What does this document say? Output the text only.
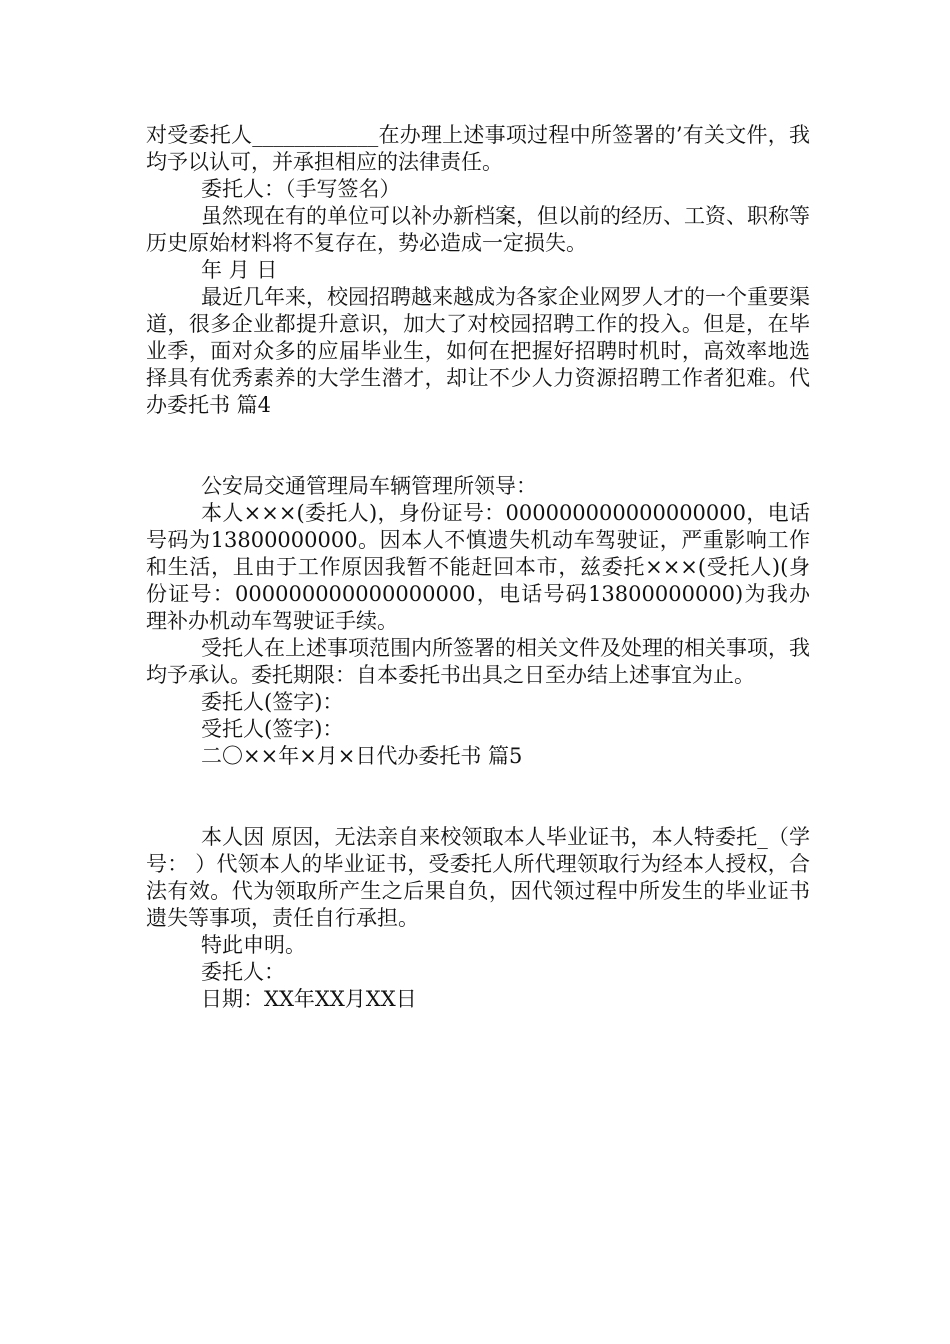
对受委托人____________在办理上述事项过程中所签署的’有关文件，我均予以认可，并承担相应的法律责任。

委托人：（手写签名）

虽然现在有的单位可以补办新档案，但以前的经历、工资、职称等历史原始材料将不复存在，势必造成一定损失。

年 月 日

最近几年来，校园招聘越来越成为各家企业网罗人才的一个重要渠道，很多企业都提升意识，加大了对校园招聘工作的投入。但是，在毕业季，面对众多的应届毕业生，如何在把握好招聘时机时，高效率地选择具有优秀素养的大学生潜才，却让不少人力资源招聘工作者犯难。代办委托书 篇4

公安局交通管理局车辆管理所领导：

本人×××(委托人)，身份证号：000000000000000000，电话号码为13800000000。因本人不慎遗失机动车驾驶证，严重影响工作和生活，且由于工作原因我暂不能赶回本市，兹委托×××(受托人)(身份证号：000000000000000000，电话号码13800000000)为我办理补办机动车驾驶证手续。

受托人在上述事项范围内所签署的相关文件及处理的相关事项，我均予承认。委托期限：自本委托书出具之日至办结上述事宜为止。

委托人(签字)：

受托人(签字)：

二〇××年×月×日代办委托书 篇5

本人因 原因，无法亲自来校领取本人毕业证书，本人特委托_（学号： ）代领本人的毕业证书，受委托人所代理领取行为经本人授权，合法有效。代为领取所产生之后果自负，因代领过程中所发生的毕业证书遗失等事项，责任自行承担。

特此申明。

委托人：

日期：XX年XX月XX日
